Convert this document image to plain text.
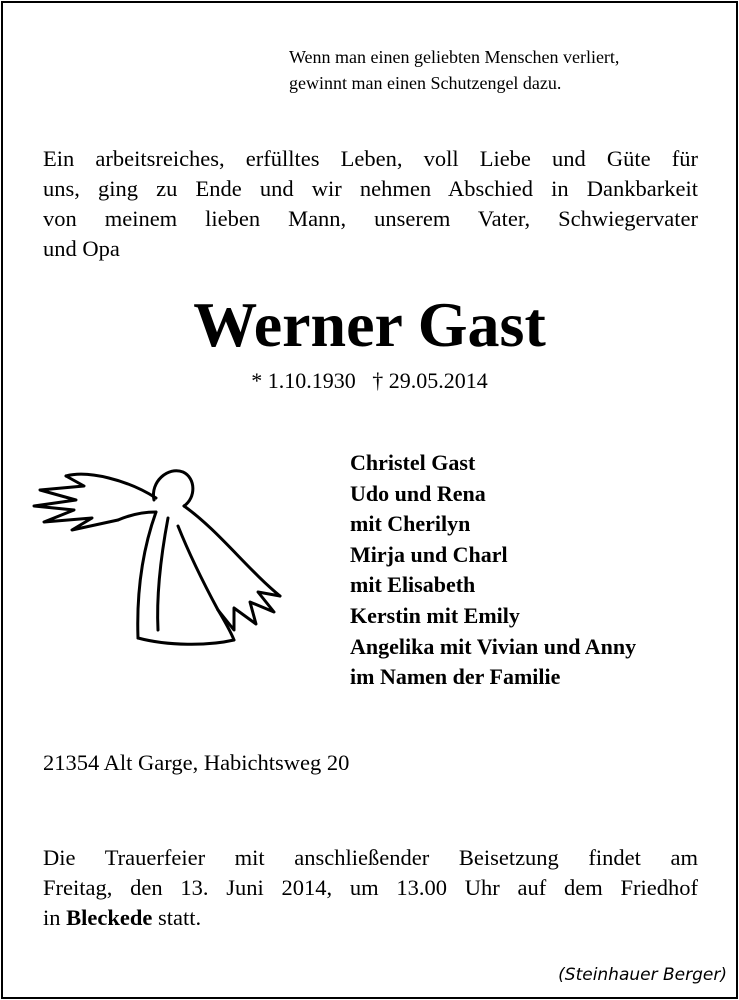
Wenn man einen geliebten Menschen verliert,
gewinnt man einen Schutzengel dazu.
Ein arbeitsreiches, erfülltes Leben, voll Liebe und Güte für
uns, ging zu Ende und wir nehmen Abschied in Dankbarkeit
von meinem lieben Mann, unserem Vater, Schwiegervater
und Opa
Werner Gast
* 1.10.1930 † 29.05.2014
Christel Gast
Udo und Rena
mit Cherilyn
Mirja und Charl
mit Elisabeth
Kerstin mit Emily
Angelika mit Vivian und Anny
im Namen der Familie
21354 Alt Garge, Habichtsweg 20
Die Trauerfeier mit anschließender Beisetzung findet am
Freitag, den 13. Juni 2014, um 13.00 Uhr auf dem Friedhof
in Bleckede statt.
(Steinhauer Berger)
